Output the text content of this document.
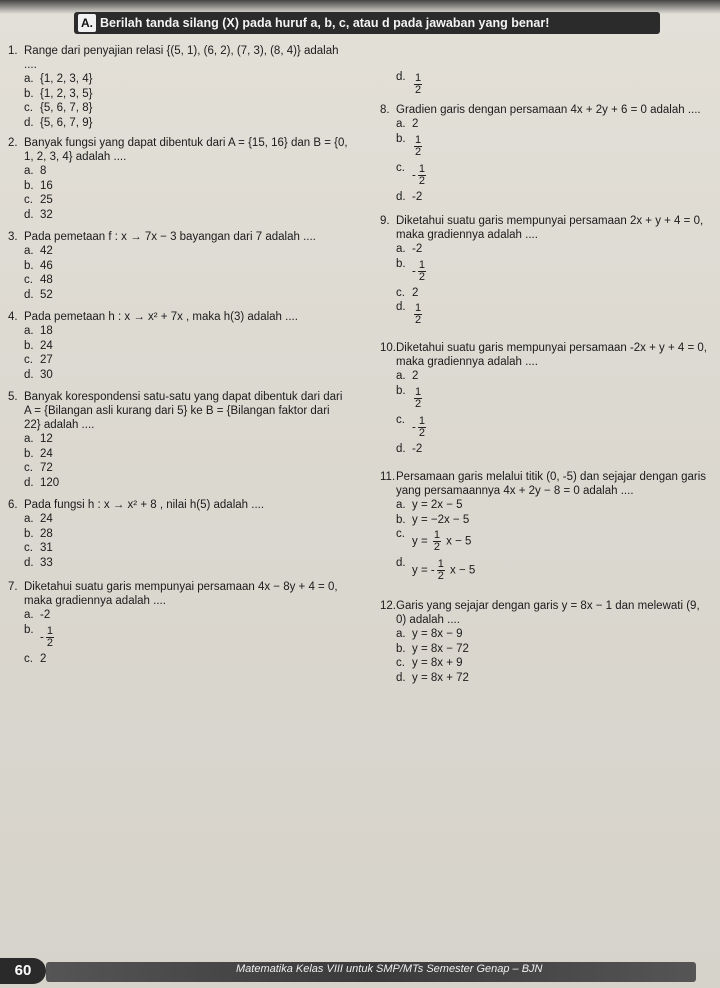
A. Berilah tanda silang (X) pada huruf a, b, c, atau d pada jawaban yang benar!
1. Range dari penyajian relasi {(5, 1), (6, 2), (7, 3), (8, 4)} adalah ....
a. {1, 2, 3, 4}
b. {1, 2, 3, 5}
c. {5, 6, 7, 8}
d. {5, 6, 7, 9}
2. Banyak fungsi yang dapat dibentuk dari A = {15, 16} dan B = {0, 1, 2, 3, 4} adalah ....
a. 8
b. 16
c. 25
d. 32
3. Pada pemetaan f : x → 7x − 3 bayangan dari 7 adalah ....
a. 42
b. 46
c. 48
d. 52
4. Pada pemetaan h : x → x² + 7x , maka h(3) adalah ....
a. 18
b. 24
c. 27
d. 30
5. Banyak korespondensi satu-satu yang dapat dibentuk dari dari A = {Bilangan asli kurang dari 5} ke B = {Bilangan faktor dari 22} adalah ....
a. 12
b. 24
c. 72
d. 120
6. Pada fungsi h : x → x² + 8 , nilai h(5) adalah ....
a. 24
b. 28
c. 31
d. 33
7. Diketahui suatu garis mempunyai persamaan 4x − 8y + 4 = 0, maka gradiennya adalah ....
a. -2
b.
- $\frac{1}{2}$
c. 2
d. $\frac{1}{2}$
8. Gradien garis dengan persamaan 4x + 2y + 6 = 0 adalah ....
a. 2
b. $\frac{1}{2}$
c.
- $\frac{1}{2}$
d. -2
9. Diketahui suatu garis mempunyai persamaan 2x + y + 4 = 0, maka gradiennya adalah ....
a. -2
b.
- $\frac{1}{2}$
c. 2
d. $\frac{1}{2}$
10. Diketahui suatu garis mempunyai persamaan -2x + y + 4 = 0, maka gradiennya adalah ....
a. 2
b. $\frac{1}{2}$
c.
- $\frac{1}{2}$
d. -2
11. Persamaan garis melalui titik (0, -5) dan sejajar dengan garis yang persamaannya 4x + 2y − 8 = 0 adalah ....
a. y = 2x − 5
b. y = −2x − 5
c.
$y = \frac{1}{2}$ x − 5
d.
y = - $\frac{1}{2}$ x − 5
12. Garis yang sejajar dengan garis y = 8x − 1 dan melewati (9, 0) adalah ....
a. y = 8x − 9
b. y = 8x − 72
c. y = 8x + 9
d. y = 8x + 72
60	Matematika Kelas VIII untuk SMP/MTs Semester Genap – BJN
